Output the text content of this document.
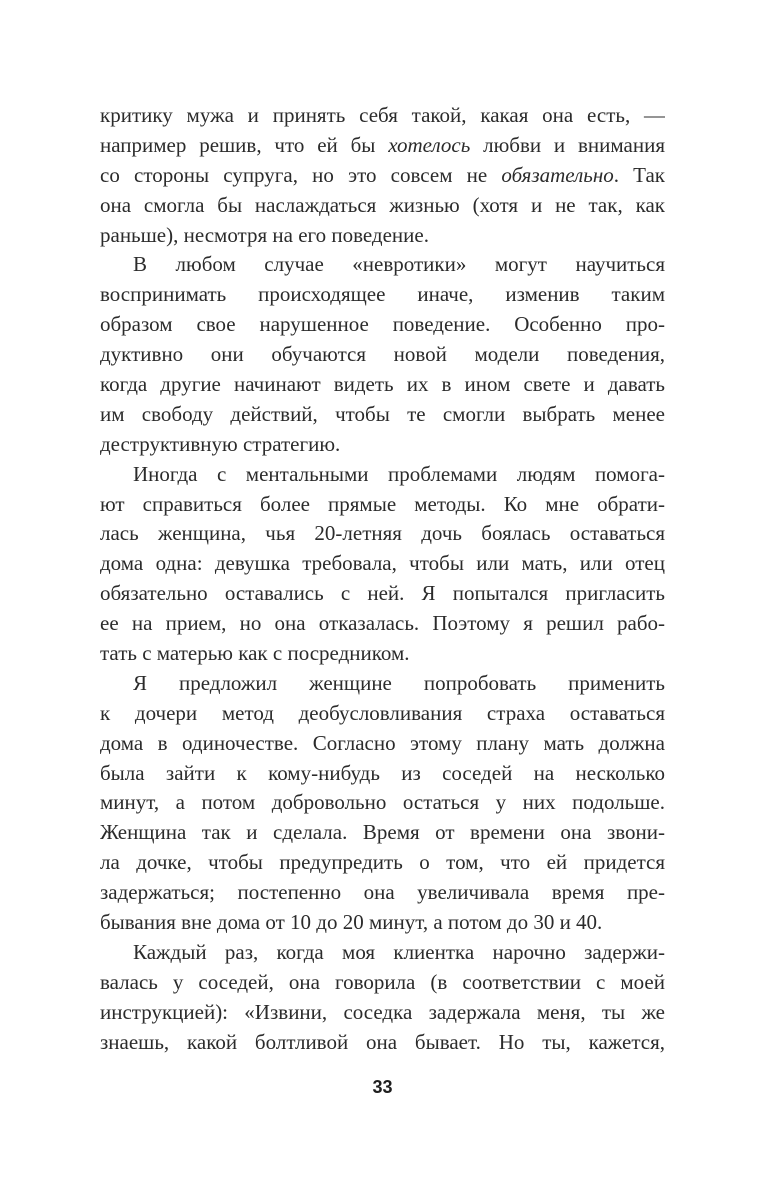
критику мужа и принять себя такой, какая она есть, —
например решив, что ей бы хотелось любви и внимания
со стороны супруга, но это совсем не обязательно. Так
она смогла бы наслаждаться жизнью (хотя и не так, как
раньше), несмотря на его поведение.
В любом случае «невротики» могут научиться
воспринимать происходящее иначе, изменив таким
образом свое нарушенное поведение. Особенно про-
дуктивно они обучаются новой модели поведения,
когда другие начинают видеть их в ином свете и давать
им свободу действий, чтобы те смогли выбрать менее
деструктивную стратегию.
Иногда с ментальными проблемами людям помога-
ют справиться более прямые методы. Ко мне обрати-
лась женщина, чья 20-летняя дочь боялась оставаться
дома одна: девушка требовала, чтобы или мать, или отец
обязательно оставались с ней. Я попытался пригласить
ее на прием, но она отказалась. Поэтому я решил рабо-
тать с матерью как с посредником.
Я предложил женщине попробовать применить
к дочери метод деобусловливания страха оставаться
дома в одиночестве. Согласно этому плану мать должна
была зайти к кому-нибудь из соседей на несколько
минут, а потом добровольно остаться у них подольше.
Женщина так и сделала. Время от времени она звони-
ла дочке, чтобы предупредить о том, что ей придется
задержаться; постепенно она увеличивала время пре-
бывания вне дома от 10 до 20 минут, а потом до 30 и 40.
Каждый раз, когда моя клиентка нарочно задержи-
валась у соседей, она говорила (в соответствии с моей
инструкцией): «Извини, соседка задержала меня, ты же
знаешь, какой болтливой она бывает. Но ты, кажется,
33
